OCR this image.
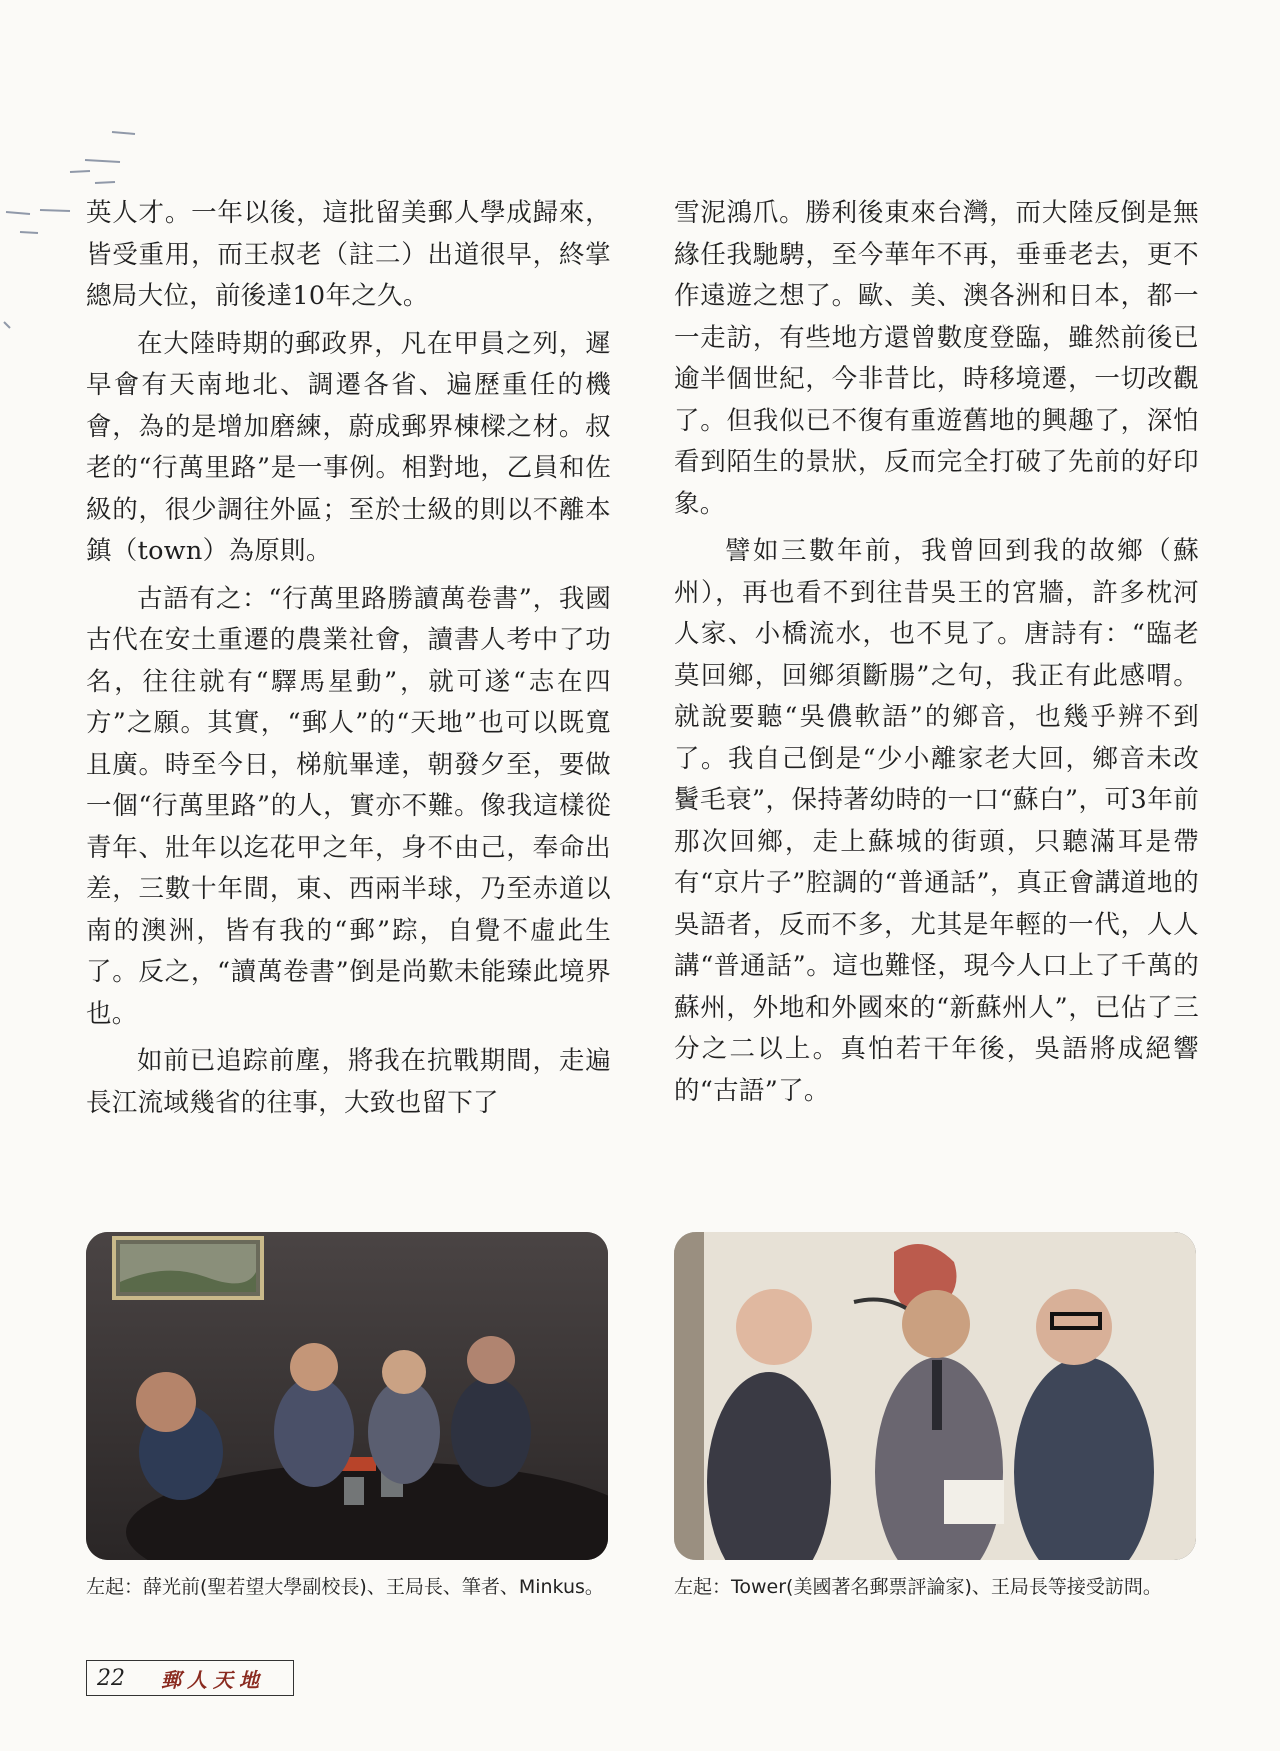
英人才。一年以後，這批留美郵人學成歸來，皆受重用，而王叔老（註二）出道很早，終掌總局大位，前後達10年之久。

在大陸時期的郵政界，凡在甲員之列，遲早會有天南地北、調遷各省、遍歷重任的機會，為的是增加磨練，蔚成郵界棟樑之材。叔老的“行萬里路”是一事例。相對地，乙員和佐級的，很少調往外區；至於士級的則以不離本鎮（town）為原則。

古語有之：“行萬里路勝讀萬卷書”，我國古代在安土重遷的農業社會，讀書人考中了功名，往往就有“驛馬星動”，就可遂“志在四方”之願。其實，“郵人”的“天地”也可以既寬且廣。時至今日，梯航畢達，朝發夕至，要做一個“行萬里路”的人，實亦不難。像我這樣從青年、壯年以迄花甲之年，身不由己，奉命出差，三數十年間，東、西兩半球，乃至赤道以南的澳洲，皆有我的“郵”踪，自覺不虛此生了。反之，“讀萬卷書”倒是尚歎未能臻此境界也。

如前已追踪前塵，將我在抗戰期間，走遍長江流域幾省的往事，大致也留下了

雪泥鴻爪。勝利後東來台灣，而大陸反倒是無緣任我馳騁，至今華年不再，垂垂老去，更不作遠遊之想了。歐、美、澳各洲和日本，都一一走訪，有些地方還曾數度登臨，雖然前後已逾半個世紀，今非昔比，時移境遷，一切改觀了。但我似已不復有重遊舊地的興趣了，深怕看到陌生的景狀，反而完全打破了先前的好印象。

譬如三數年前，我曾回到我的故鄉（蘇州），再也看不到往昔吳王的宮牆，許多枕河人家、小橋流水，也不見了。唐詩有：“臨老莫回鄉，回鄉須斷腸”之句，我正有此感喟。就說要聽“吳儂軟語”的鄉音，也幾乎辨不到了。我自己倒是“少小離家老大回，鄉音未改鬢毛衰”，保持著幼時的一口“蘇白”，可3年前那次回鄉，走上蘇城的街頭，只聽滿耳是帶有“京片子”腔調的“普通話”，真正會講道地的吳語者，反而不多，尤其是年輕的一代，人人講“普通話”。這也難怪，現今人口上了千萬的蘇州，外地和外國來的“新蘇州人”，已佔了三分之二以上。真怕若干年後，吳語將成絕響的“古語”了。

左起：薛光前(聖若望大學副校長)、王局長、筆者、Minkus。	左起：Tower(美國著名郵票評論家)、王局長等接受訪問。
22	郵人天地
